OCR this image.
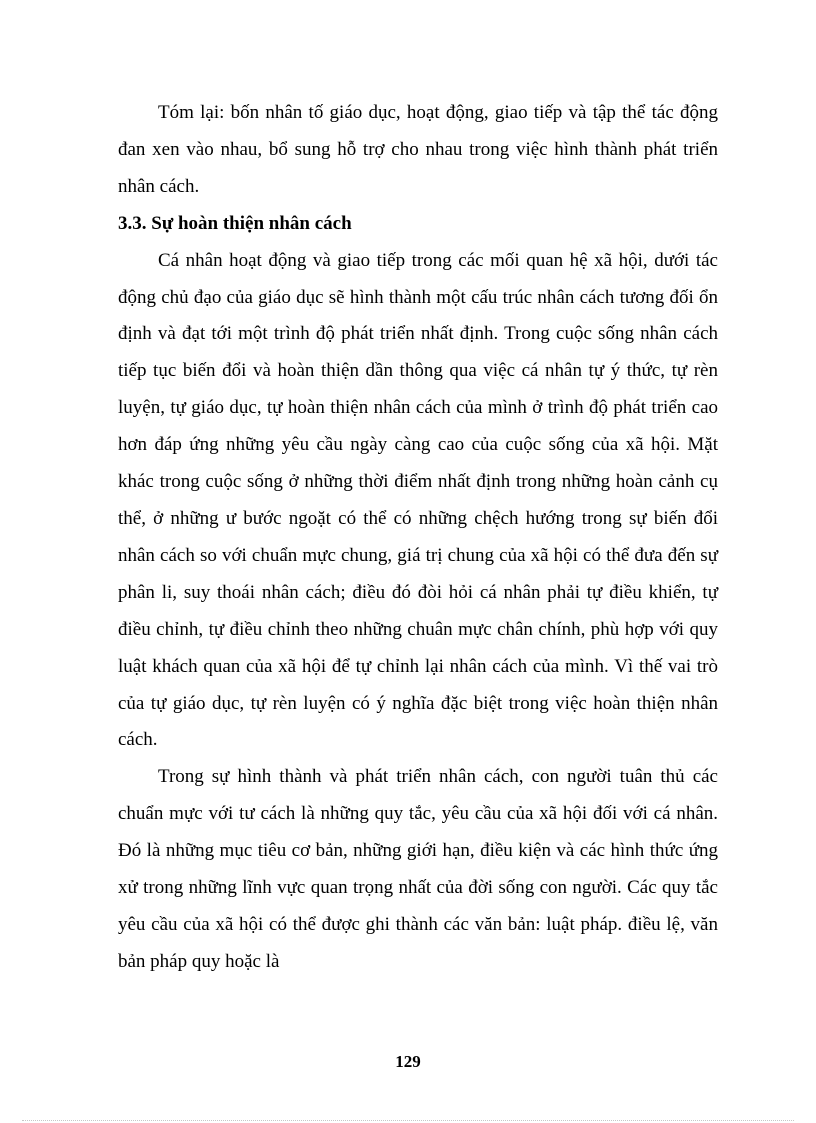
Tóm lại: bốn nhân tố giáo dục, hoạt động, giao tiếp và tập thể tác động đan xen vào nhau, bổ sung hỗ trợ cho nhau trong việc hình thành phát triển nhân cách.

3.3. Sự hoàn thiện nhân cách

Cá nhân hoạt động và giao tiếp trong các mối quan hệ xã hội, dưới tác động chủ đạo của giáo dục sẽ hình thành một cấu trúc nhân cách tương đối ổn định và đạt tới một trình độ phát triển nhất định. Trong cuộc sống nhân cách tiếp tục biến đổi và hoàn thiện dần thông qua việc cá nhân tự ý thức, tự rèn luyện, tự giáo dục, tự hoàn thiện nhân cách của mình ở trình độ phát triển cao hơn đáp ứng những yêu cầu ngày càng cao của cuộc sống của xã hội. Mặt khác trong cuộc sống ở những thời điểm nhất định trong những hoàn cảnh cụ thể, ở những ư bước ngoặt có thể có những chệch hướng trong sự biến đổi nhân cách so với chuẩn mực chung, giá trị chung của xã hội có thể đưa đến sự phân li, suy thoái nhân cách; điều đó đòi hỏi cá nhân phải tự điều khiển, tự điều chỉnh, tự điều chỉnh theo những chuân mực chân chính, phù hợp với quy luật khách quan của xã hội để tự chỉnh lại nhân cách của mình. Vì thế vai trò của tự giáo dục, tự rèn luyện có ý nghĩa đặc biệt trong việc hoàn thiện nhân cách.

Trong sự hình thành và phát triển nhân cách, con người tuân thủ các chuẩn mực với tư cách là những quy tắc, yêu cầu của xã hội đối với cá nhân. Đó là những mục tiêu cơ bản, những giới hạn, điều kiện và các hình thức ứng xử trong những lĩnh vực quan trọng nhất của đời sống con người. Các quy tắc yêu cầu của xã hội có thể được ghi thành các văn bản: luật pháp. điều lệ, văn bản pháp quy hoặc là

129
